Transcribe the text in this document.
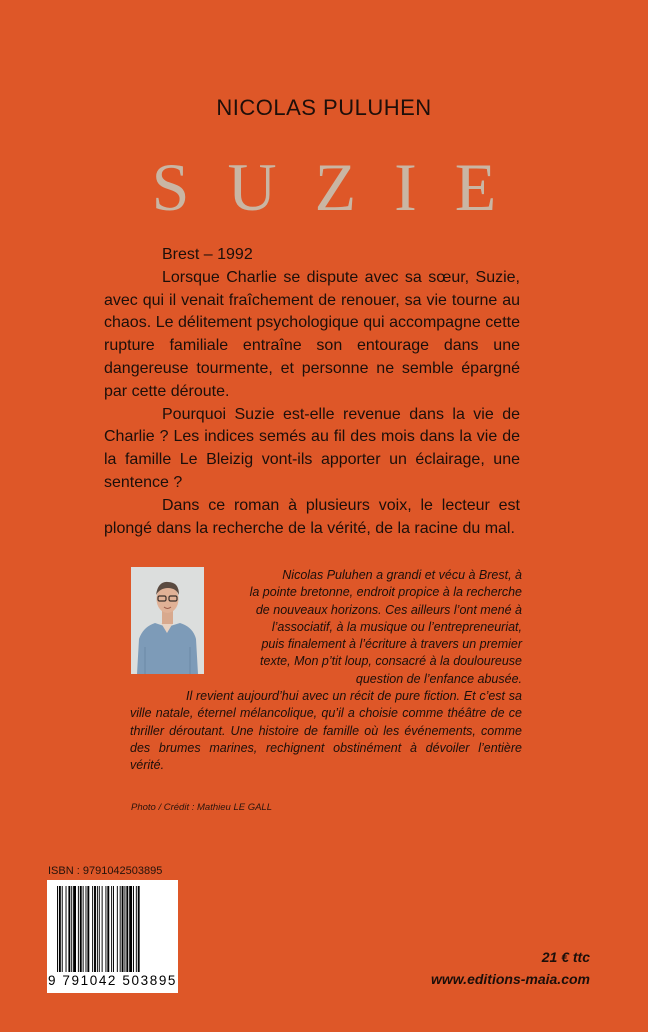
NICOLAS PULUHEN
SUZIE

Brest – 1992

Lorsque Charlie se dispute avec sa sœur, Suzie, avec qui il venait fraîchement de renouer, sa vie tourne au chaos. Le délitement psychologique qui accompagne cette rupture familiale entraîne son entourage dans une dangereuse tourmente, et personne ne semble épargné par cette déroute.

Pourquoi Suzie est-elle revenue dans la vie de Charlie ? Les indices semés au fil des mois dans la vie de la famille Le Bleizig vont-ils apporter un éclairage, une sentence ?

Dans ce roman à plusieurs voix, le lecteur est plongé dans la recherche de la vérité, de la racine du mal.

Nicolas Puluhen a grandi et vécu à Brest, à
la pointe bretonne, endroit propice à la recherche
de nouveaux horizons. Ces ailleurs l’ont mené à
l’associatif, à la musique ou l’entrepreneuriat,
puis finalement à l’écriture à travers un premier
texte, Mon p’tit loup, consacré à la douloureuse
question de l’enfance abusée.

Il revient aujourd’hui avec un récit de pure fiction. Et c’est sa ville natale, éternel mélancolique, qu’il a choisie comme théâtre de ce thriller déroutant. Une histoire de famille où les événements, comme des brumes marines, rechignent obstinément à dévoiler l’entière vérité.

Photo / Crédit : Mathieu LE GALL
ISBN : 9791042503895
9 791042 503895
21 € ttc
www.editions-maia.com
